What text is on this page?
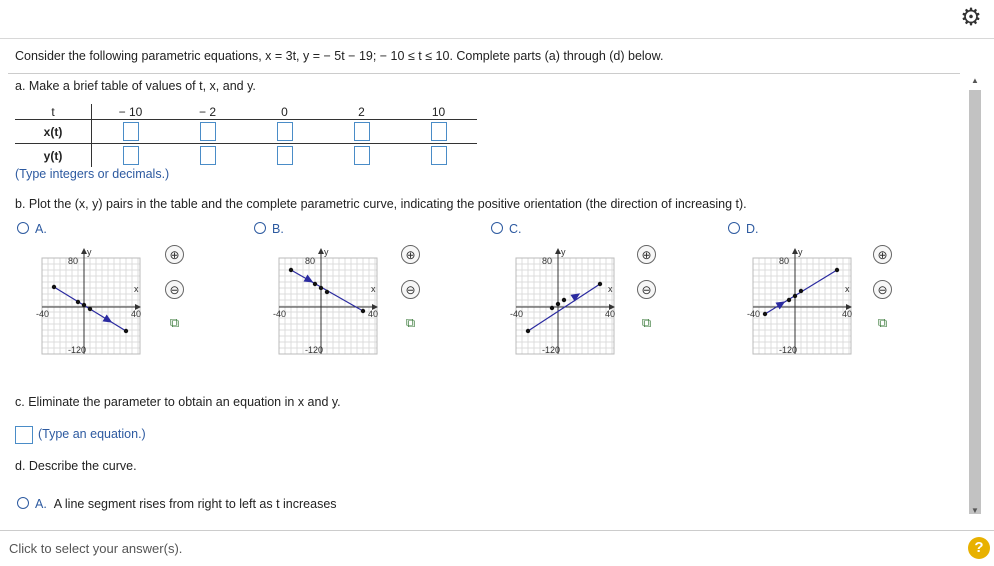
⚙
Consider the following parametric equations, x = 3t, y = − 5t − 19; − 10 ≤ t ≤ 10. Complete parts (a) through (d) below.
a. Make a brief table of values of t, x, and y.
t	− 10	− 2	0	2	10
x(t)					
y(t)					
(Type integers or decimals.)
b. Plot the (x, y) pairs in the table and the complete parametric curve, indicating the positive orientation (the direction of increasing t).
A.	B.	C.	D.
y
x
80
-120
-40	40
y
x
80
-120
-40	40
y
x
80
-120
-40	40
y
x
80
-120
-40	40
⊕
⊖
⧉
⊕
⊖
⧉
⊕
⊖
⧉
⊕
⊖
⧉
c. Eliminate the parameter to obtain an equation in x and y.
(Type an equation.)
d. Describe the curve.
A. A line segment rises from right to left as t increases
▲
▼
Click to select your answer(s).	?
